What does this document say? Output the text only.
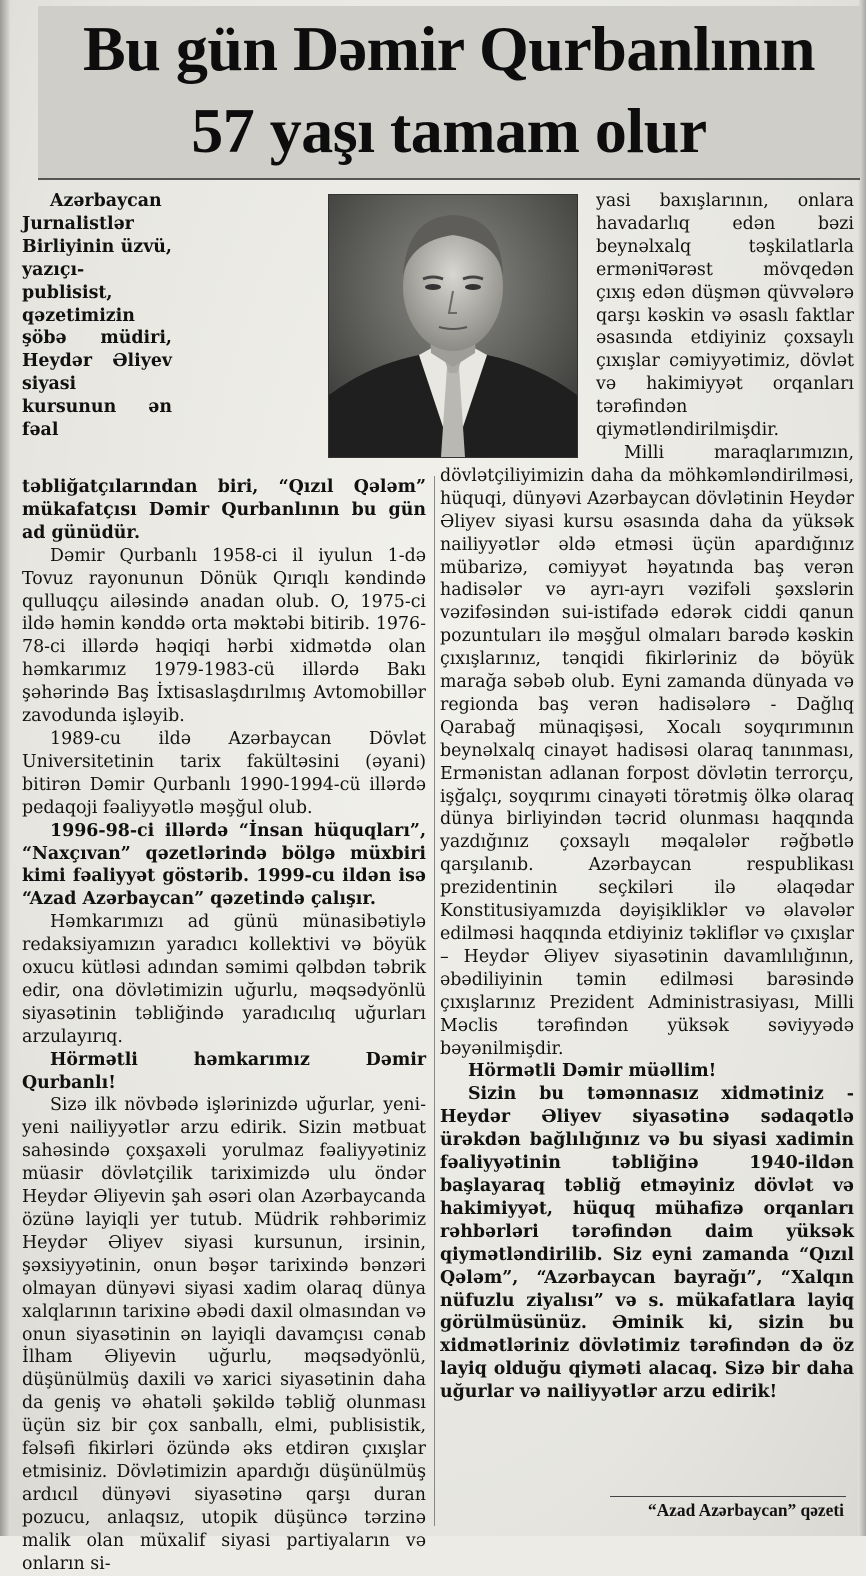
Bu gün Dəmir Qurbanlının
57 yaşı tamam olur

Azərbaycan Jurnalistlər Birliyinin üzvü, yazıçı-publisist, qəzetimizin şöbə müdiri, Heydər Əliyev siyasi kursunun ən fəal təbliğatçılarından biri, “Qızıl Qələm” mükafatçısı Dəmir Qurbanlının bu gün ad günüdür.

Dəmir Qurbanlı 1958-ci il iyulun 1-də Tovuz rayonunun Dönük Qırıqlı kəndində qulluqçu ailəsində anadan olub. O, 1975-ci ildə həmin kənddə orta məktəbi bitirib. 1976-78-ci illərdə həqiqi hərbi xidmətdə olan həmkarımız 1979-1983-cü illərdə Bakı şəhərində Baş İxtisaslaşdırılmış Avtomobillər zavodunda işləyib.

1989-cu ildə Azərbaycan Dövlət Universitetinin tarix fakültəsini (əyani) bitirən Dəmir Qurbanlı 1990-1994-cü illərdə pedaqoji fəaliyyətlə məşğul olub.

1996-98-ci illərdə “İnsan hüquqları”, “Naxçıvan” qəzetlərində bölgə müxbiri kimi fəaliyyət göstərib. 1999-cu ildən isə “Azad Azərbaycan” qəzetində çalışır.

Həmkarımızı ad günü münasibətiylə redaksiyamızın yaradıcı kollektivi və böyük oxucu kütləsi adından səmimi qəlbdən təbrik edir, ona dövlətimizin uğurlu, məqsədyönlü siyasətinin təbliğində yaradıcılıq uğurları arzulayırıq.

Hörmətli həmkarımız Dəmir Qurbanlı!

Sizə ilk növbədə işlərinizdə uğurlar, yeni-yeni nailiyyətlər arzu edirik. Sizin mətbuat sahəsində çoxşaxəli yorulmaz fəaliyyətiniz müasir dövlətçilik tariximizdə ulu öndər Heydər Əliyevin şah əsəri olan Azərbaycanda özünə layiqli yer tutub. Müdrik rəhbərimiz Heydər Əliyev siyasi kursunun, irsinin, şəxsiyyətinin, onun bəşər tarixində bənzəri olmayan dünyəvi siyasi xadim olaraq dünya xalqlarının tarixinə əbədi daxil olmasından və onun siyasətinin ən layiqli davamçısı cənab İlham Əliyevin uğurlu, məqsədyönlü, düşünülmüş daxili və xarici siyasətinin daha da geniş və əhatəli şəkildə təbliğ olunması üçün siz bir çox sanballı, elmi, publisistik, fəlsəfi fikirləri özündə əks etdirən çıxışlar etmisiniz. Dövlətimizin apardığı düşünülmüş ardıcıl dünyəvi siyasətinə qarşı duran pozucu, anlaqsız, utopik düşüncə tərzinə malik olan müxalif siyasi partiyaların və onların si-

yasi baxışlarının, onlara havadarlıq edən bəzi beynəlxalq təşkilatlarla erməniपərəst mövqedən çıxış edən düşmən qüvvələrə qarşı kəskin və əsaslı faktlar əsasında etdiyiniz çoxsaylı çıxışlar cəmiyyətimiz, dövlət və hakimiyyət orqanları tərəfindən qiymətləndirilmişdir.

Milli maraqlarımızın, dövlətçiliyimizin daha da möhkəmləndirilməsi, hüquqi, dünyəvi Azərbaycan dövlətinin Heydər Əliyev siyasi kursu əsasında daha da yüksək nailiyyətlər əldə etməsi üçün apardığınız mübarizə, cəmiyyət həyatında baş verən hadisələr və ayrı-ayrı vəzifəli şəxslərin vəzifəsindən sui-istifadə edərək ciddi qanun pozuntuları ilə məşğul olmaları barədə kəskin çıxışlarınız, tənqidi fikirləriniz də böyük marağa səbəb olub. Eyni zamanda dünyada və regionda baş verən hadisələrə - Dağlıq Qarabağ münaqişəsi, Xocalı soyqırımının beynəlxalq cinayət hadisəsi olaraq tanınması, Ermənistan adlanan forpost dövlətin terrorçu, işğalçı, soyqırımı cinayəti törətmiş ölkə olaraq dünya birliyindən təcrid olunması haqqında yazdığınız çoxsaylı məqalələr rəğbətlə qarşılanıb. Azərbaycan respublikası prezidentinin seçkiləri ilə əlaqədar Konstitusiyamızda dəyişikliklər və əlavələr edilməsi haqqında etdiyiniz təkliflər və çıxışlar – Heydər Əliyev siyasətinin davamlılığının, əbədiliyinin təmin edilməsi barəsində çıxışlarınız Prezident Administrasiyası, Milli Məclis tərəfindən yüksək səviyyədə bəyənilmişdir.

Hörmətli Dəmir müəllim!

Sizin bu təmənnasız xidmətiniz - Heydər Əliyev siyasətinə sədaqətlə ürəkdən bağlılığınız və bu siyasi xadimin fəaliyyətinin təbliğinə 1940-ildən başlayaraq təbliğ etməyiniz dövlət və hakimiyyət, hüquq mühafizə orqanları rəhbərləri tərəfindən daim yüksək qiymətləndirilib. Siz eyni zamanda “Qızıl Qələm”, “Azərbaycan bayrağı”, “Xalqın nüfuzlu ziyalısı” və s. mükafatlara layiq görülmüsünüz. Əminik ki, sizin bu xidmətləriniz dövlətimiz tərəfindən də öz layiq olduğu qiyməti alacaq. Sizə bir daha uğurlar və nailiyyətlər arzu edirik!

“Azad Azərbaycan” qəzeti
